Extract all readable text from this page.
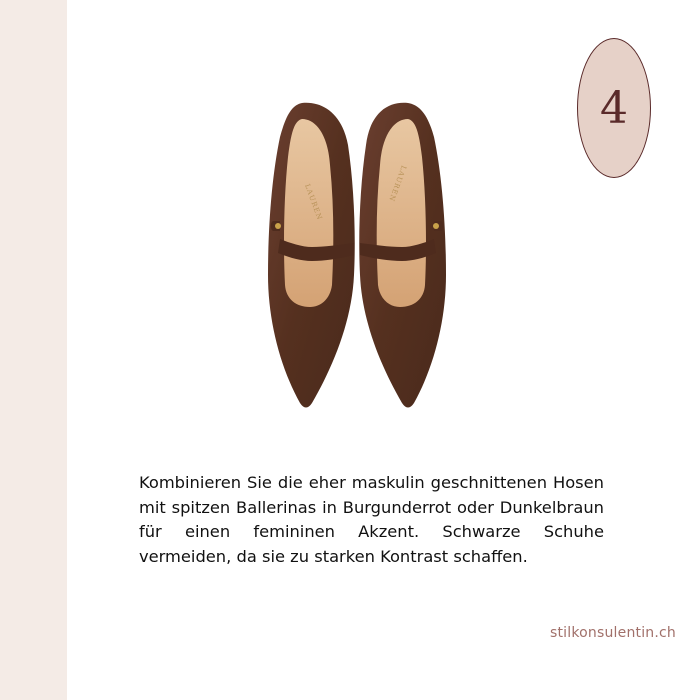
4
LAUREN	LAUREN
Kombinieren Sie die eher maskulin geschnittenen Hosen mit spitzen Ballerinas in Burgunderrot oder Dunkelbraun für einen femininen Akzent. Schwarze Schuhe vermeiden, da sie zu starken Kontrast schaffen.
stilkonsulentin.ch
